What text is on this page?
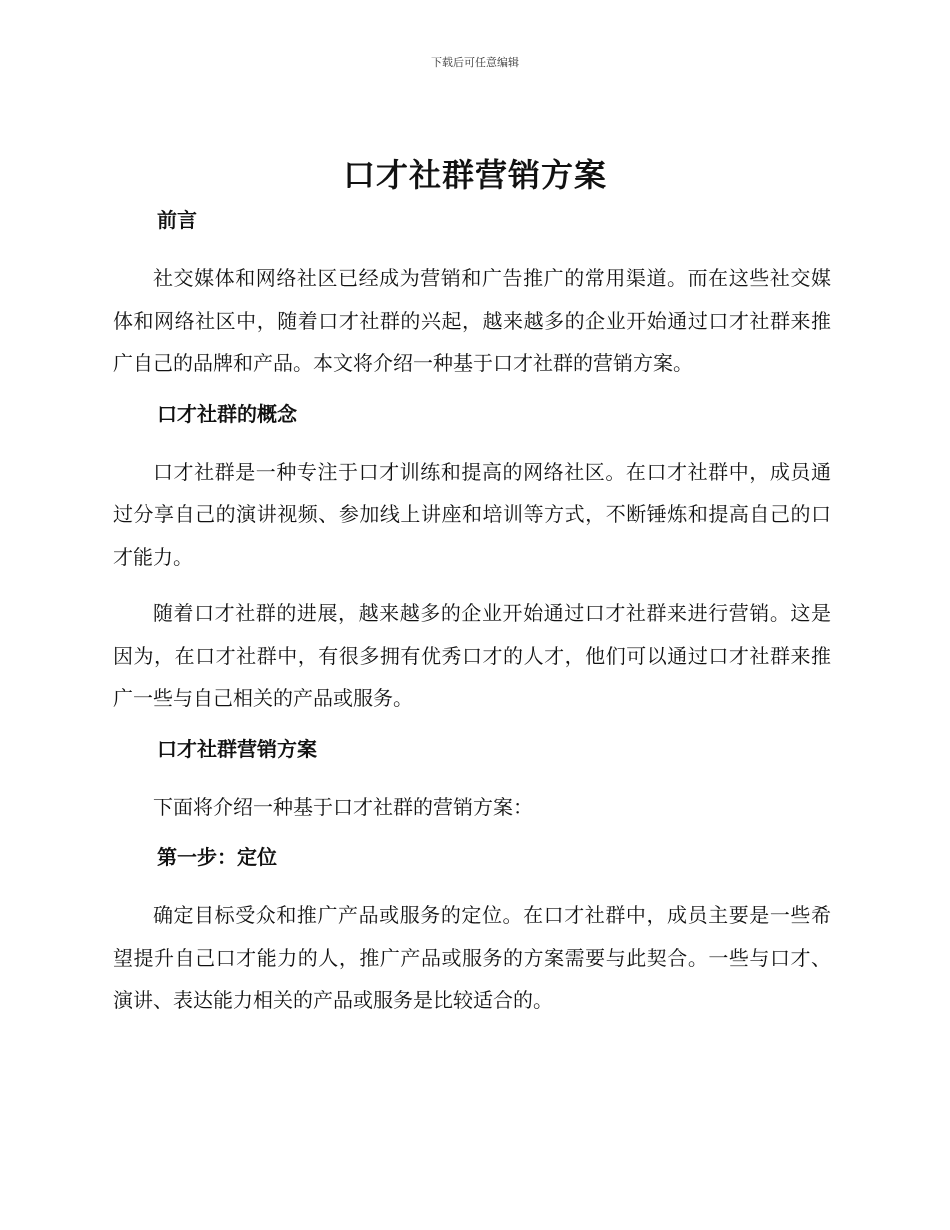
下载后可任意编辑
口才社群营销方案
前言

社交媒体和网络社区已经成为营销和广告推广的常用渠道。而在这些社交媒体和网络社区中，随着口才社群的兴起，越来越多的企业开始通过口才社群来推广自己的品牌和产品。本文将介绍一种基于口才社群的营销方案。

口才社群的概念

口才社群是一种专注于口才训练和提高的网络社区。在口才社群中，成员通过分享自己的演讲视频、参加线上讲座和培训等方式，不断锤炼和提高自己的口才能力。

随着口才社群的进展，越来越多的企业开始通过口才社群来进行营销。这是因为，在口才社群中，有很多拥有优秀口才的人才，他们可以通过口才社群来推广一些与自己相关的产品或服务。

口才社群营销方案

下面将介绍一种基于口才社群的营销方案：

第一步：定位

确定目标受众和推广产品或服务的定位。在口才社群中，成员主要是一些希望提升自己口才能力的人，推广产品或服务的方案需要与此契合。一些与口才、演讲、表达能力相关的产品或服务是比较适合的。
